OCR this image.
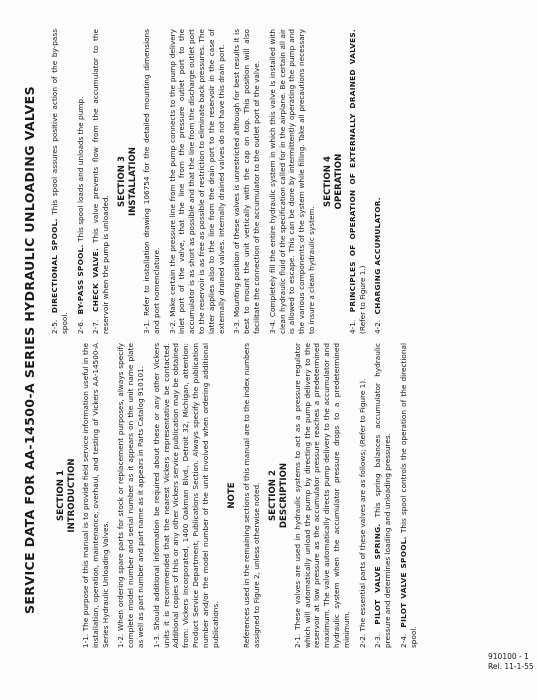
SERVICE DATA FOR AA-14500-A SERIES HYDRAULIC UNLOADING VALVES SECTION 1 INTRODUCTION 1-1. The purpose of this manual is to provide field service information useful in the installation, operation, maintenance, overhaul, and testing of Vickers AA-14500-A Series Hydraulic Unloading Valves. 1-2. When ordering spare parts for stock or replacement purposes, always specify complete model number and serial number as it appears on the unit name plate as well as part number and part name as it appears in Parts Catalog 910101. 1-3. Should additional information be required about these or any other Vickers units it is recommended that the nearest Vickers representative be contacted. Additional copies of this or any other Vickers service publication may be obtained from: Vickers Incorporated, 1400 Oakman Blvd., Detroit 32, Michigan, attention: Product Service Department, Publications Section. Always specify the publication number and/or the model number of the unit involved when ordering additional publications.

NOTE References used in the remaining sections of this manual are to the index numbers assigned to Figure 2, unless otherwise noted. SECTION 2 DESCRIPTION 2-1. These valves are used in hydraulic systems to act as a pressure regulator which will automatically unload the pump by directing the pump delivery to the reservoir at low pressure as the accumulator pressure reaches a predetermined maximum. The valve automatically directs pump delivery to the accumulator and hydraulic system when the accumulator pressure drops to a predetermined minimum. 2-2. The essential parts of these valves are as follows; (Refer to Figure 1). 2-3. PILOT VALVE SPRING. This spring balances accumulator hydraulic pressure and determines loading and unloading pressures. 2-4. PILOT VALVE SPOOL. This spool controls the operation of the directional spool.

2-5. DIRECTIONAL SPOOL. This spool assures positive action of the by-pass spool. 2-6. BY-PASS SPOOL. This spool loads and unloads the pump.

2-7. CHECK VALVE. This valve prevents flow from the accumulator to the reservoir when the pump is unloaded.

SECTION 3 INSTALLATION 3-1. Refer to installation drawing 106754 for the detailed mounting dimensions and port nomenclature. 3-2. Make certain the pressure line from the pump connects to the pump delivery inlet port of the valve, that the line from the pressure outlet port to the accumulator is as short as possible and that the line from the discharge outlet port to the reservoir is as free as possible of restriction to eliminate back pressures. The latter applies also to the line from the drain port to the reservoir in the case of externally drained valves. Internally drained valves do not have this drain port. 3-3. Mounting position of these valves is unrestricted although for best results it is best to mount the unit vertically with the cap on top. This position will also facilitate the connection of the accumulator to the outlet port of the valve. 3-4. Completely fill the entire hydraulic system in which this valve is installed with clean hydraulic fluid of the specification called for in the airplane. Be certain all air is allowed to escape. This can be done by intermittently operating the pump and the various components of the system while filling. Take all precautions necessary to insure a clean hydraulic system.

SECTION 4 OPERATION

4-1. PRINCIPLES OF OPERATION OF EXTERNALLY DRAINED VALVES. (Refer to Figure 1.) 4-2. CHARGING ACCUMULATOR.

910100 - 1
Rel. 11-1-55
